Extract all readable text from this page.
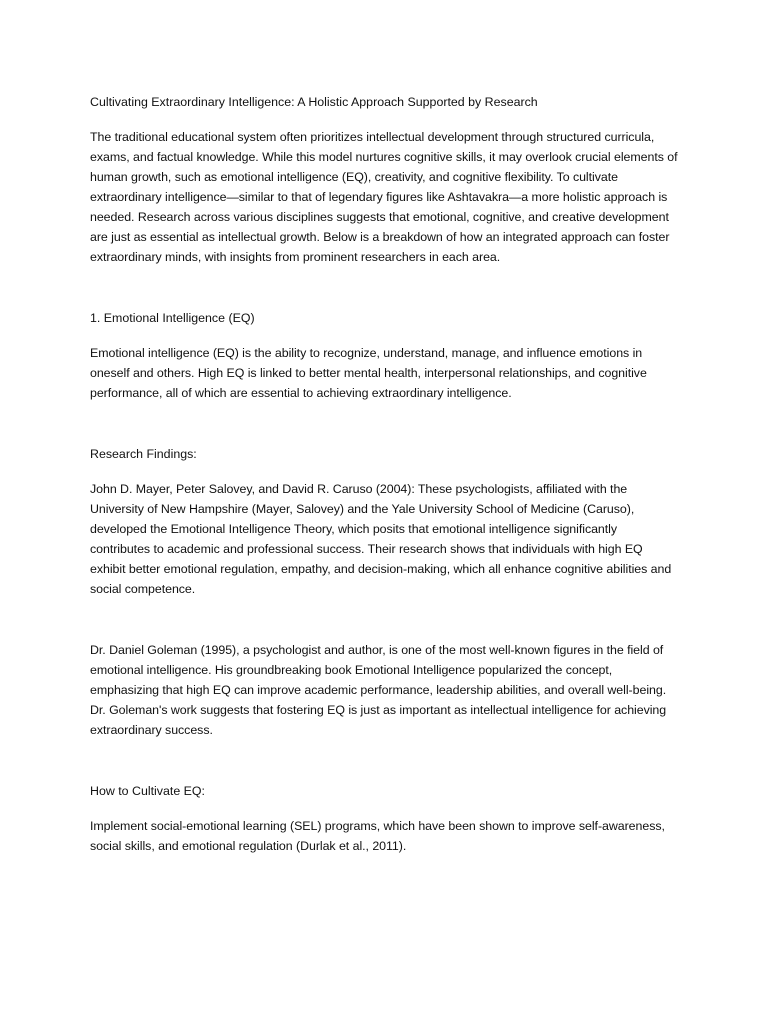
Cultivating Extraordinary Intelligence: A Holistic Approach Supported by Research

The traditional educational system often prioritizes intellectual development through structured curricula, exams, and factual knowledge. While this model nurtures cognitive skills, it may overlook crucial elements of human growth, such as emotional intelligence (EQ), creativity, and cognitive flexibility. To cultivate extraordinary intelligence—similar to that of legendary figures like Ashtavakra—a more holistic approach is needed. Research across various disciplines suggests that emotional, cognitive, and creative development are just as essential as intellectual growth. Below is a breakdown of how an integrated approach can foster extraordinary minds, with insights from prominent researchers in each area.

1. Emotional Intelligence (EQ)

Emotional intelligence (EQ) is the ability to recognize, understand, manage, and influence emotions in oneself and others. High EQ is linked to better mental health, interpersonal relationships, and cognitive performance, all of which are essential to achieving extraordinary intelligence.

Research Findings:

John D. Mayer, Peter Salovey, and David R. Caruso (2004): These psychologists, affiliated with the University of New Hampshire (Mayer, Salovey) and the Yale University School of Medicine (Caruso), developed the Emotional Intelligence Theory, which posits that emotional intelligence significantly contributes to academic and professional success. Their research shows that individuals with high EQ exhibit better emotional regulation, empathy, and decision-making, which all enhance cognitive abilities and social competence.

Dr. Daniel Goleman (1995), a psychologist and author, is one of the most well-known figures in the field of emotional intelligence. His groundbreaking book Emotional Intelligence popularized the concept, emphasizing that high EQ can improve academic performance, leadership abilities, and overall well-being. Dr. Goleman's work suggests that fostering EQ is just as important as intellectual intelligence for achieving extraordinary success.

How to Cultivate EQ:

Implement social-emotional learning (SEL) programs, which have been shown to improve self-awareness, social skills, and emotional regulation (Durlak et al., 2011).
